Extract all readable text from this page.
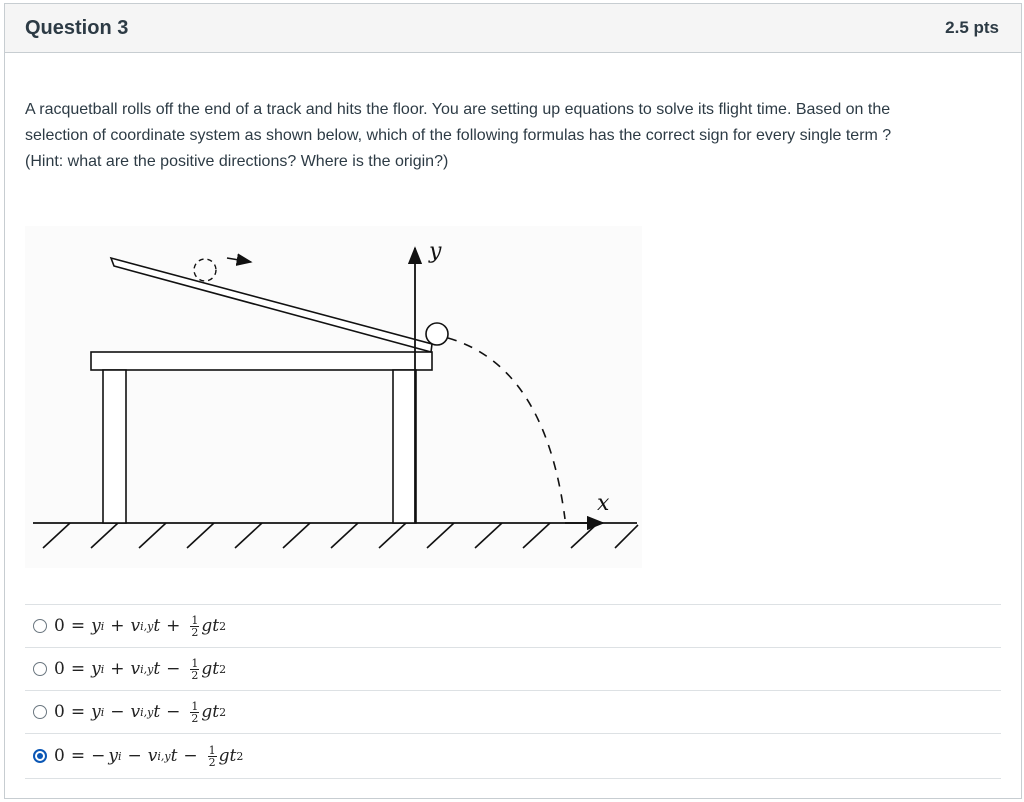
Question 3	2.5 pts

A racquetball rolls off the end of a track and hits the floor. You are setting up equations to solve its flight time. Based on the

selection of coordinate system as shown below, which of the following formulas has the correct sign for every single term ?

(Hint: what are the positive directions? Where is the origin?)

y
x
0 = y i + v i,y $t + \frac{1}{2}$ gt 2
0 = y i + v i,y $t - \frac{1}{2}$ gt 2
0 = y i − v i,y $t - \frac{1}{2}$ gt 2
0 = − y i − v i,y $t - \frac{1}{2}$ gt 2
